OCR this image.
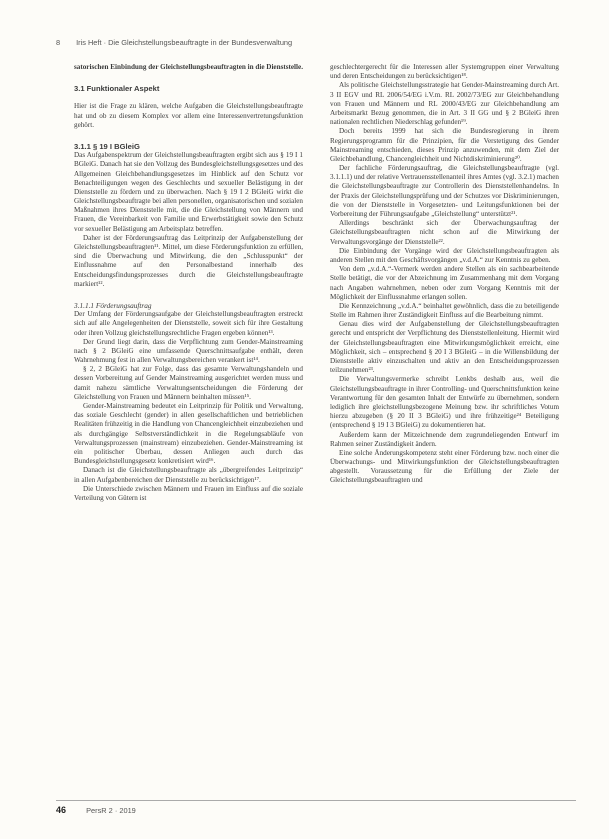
8 Iris Heft · Die Gleichstellungsbeauftragte in der Bundesverwaltung

satorischen Einbindung der Gleichstellungsbeauftragten in die Dienststelle.

3.1 Funktionaler Aspekt

Hier ist die Frage zu klären, welche Aufgaben die Gleichstellungsbeauftragte hat und ob zu diesem Komplex vor allem eine Interessenvertretungsfunktion gehört.

3.1.1 § 19 I BGleiG

Das Aufgabenspektrum der Gleichstellungsbeauftragten ergibt sich aus § 19 I 1 BGleiG. Danach hat sie den Vollzug des Bundesgleichstellungsgesetzes und des Allgemeinen Gleichbehandlungsgesetzes im Hinblick auf den Schutz vor Benachteiligungen wegen des Geschlechts und sexueller Belästigung in der Dienststelle zu fördern und zu überwachen. Nach § 19 I 2 BGleiG wirkt die Gleichstellungsbeauftragte bei allen personellen, organisatorischen und sozialen Maßnahmen ihres Dienststelle mit, die die Gleichstellung von Männern und Frauen, die Vereinbarkeit von Familie und Erwerbstätigkeit sowie den Schutz vor sexueller Belästigung am Arbeitsplatz betreffen.

Daher ist der Förderungsauftrag das Leitprinzip der Aufgabenstellung der Gleichstellungsbeauftragten¹¹. Mittel, um diese Förderungsfunktion zu erfüllen, sind die Überwachung und Mitwirkung, die den „Schlusspunkt“ der Einflussnahme auf den Personalbestand innerhalb des Entscheidungsfindungsprozesses durch die Gleichstellungsbeauftragte markiert¹².

3.1.1.1 Förderungsauftrag

Der Umfang der Förderungsaufgabe der Gleichstellungsbeauftragten erstreckt sich auf alle Angelegenheiten der Dienststelle, soweit sich für ihre Gestaltung oder ihren Vollzug gleichstellungsrechtliche Fragen ergeben können¹³.

Der Grund liegt darin, dass die Verpflichtung zum Gender-Mainstreaming nach § 2 BGleiG eine umfassende Querschnittsaufgabe enthält, deren Wahrnehmung fest in allen Verwaltungsbereichen verankert ist¹⁴.

§ 2, 2 BGleiG hat zur Folge, dass das gesamte Verwaltungshandeln und dessen Vorbereitung auf Gender Mainstreaming ausgerichtet werden muss und damit nahezu sämtliche Verwaltungsentscheidungen die Förderung der Gleichstellung von Frauen und Männern beinhalten müssen¹⁵.

Gender-Mainstreaming bedeutet ein Leitprinzip für Politik und Verwaltung, das soziale Geschlecht (gender) in allen gesellschaftlichen und betrieblichen Realitäten frühzeitig in die Handlung von Chancengleichheit einzubeziehen und als durchgängige Selbstverständlichkeit in die Regelungsabläufe von Verwaltungsprozessen (mainstream) einzubeziehen. Gender-Mainstreaming ist ein politischer Überbau, dessen Anliegen auch durch das Bundesgleichstellungsgesetz konkretisiert wird¹⁶.

Danach ist die Gleichstellungsbeauftragte als „übergreifendes Leitprinzip“ in allen Aufgabenbereichen der Dienststelle zu berücksichtigen¹⁷.

Die Unterschiede zwischen Männern und Frauen im Einfluss auf die soziale Verteilung von Gütern ist

geschlechtergerecht für die Interessen aller Systemgruppen einer Verwaltung und deren Entscheidungen zu berücksichtigen¹⁸.

Als politische Gleichstellungsstrategie hat Gender-Mainstreaming durch Art. 3 II EGV und RL 2006/54/EG i.V.m. RL 2002/73/EG zur Gleichbehandlung von Frauen und Männern und RL 2000/43/EG zur Gleichbehandlung am Arbeitsmarkt Bezug genommen, die in Art. 3 II GG und § 2 BGleiG ihren nationalen rechtlichen Niederschlag gefunden¹⁹.

Doch bereits 1999 hat sich die Bundesregierung in ihrem Regierungsprogramm für die Prinzipien, für die Verstetigung des Gender Mainstreaming entschieden, dieses Prinzip anzuwenden, mit dem Ziel der Gleichbehandlung, Chancengleichheit und Nichtdiskriminierung²⁰.

Der fachliche Förderungsauftrag, die Gleichstellungsbeauftragte (vgl. 3.1.1.1) und der relative Vertrauensstellenanteil ihres Amtes (vgl. 3.2.1) machen die Gleichstellungsbeauftragte zur Controllerin des Dienststellenhandelns. In der Praxis der Gleichstellungsprüfung und der Schutzes vor Diskriminierungen, die von der Dienststelle in Vorgesetzten- und Leitungsfunktionen bei der Vorbereitung der Führungsaufgabe „Gleichstellung“ unterstützt²¹.

Allerdings beschränkt sich der Überwachungsauftrag der Gleichstellungsbeauftragten nicht schon auf die Mitwirkung der Verwaltungsvorgänge der Dienststelle²².

Die Einbindung der Vorgänge wird der Gleichstellungsbeauftragten als anderen Stellen mit den Geschäftsvorgängen „v.d.A.“ zur Kenntnis zu geben.

Von dem „v.d.A.“-Vermerk werden andere Stellen als ein sachbearbeitende Stelle betätigt, die vor der Abzeichnung im Zusammenhang mit dem Vorgang nach Angaben wahrnehmen, neben oder zum Vorgang Kenntnis mit der Möglichkeit der Einflussnahme erlangen sollen.

Die Kennzeichnung „v.d.A.“ beinhaltet gewöhnlich, dass die zu beteiligende Stelle im Rahmen ihrer Zuständigkeit Einfluss auf die Bearbeitung nimmt.

Genau dies wird der Aufgabenstellung der Gleichstellungsbeauftragten gerecht und entspricht der Verpflichtung des Dienststellenleitung. Hiermit wird der Gleichstellungsbeauftragten eine Mitwirkungsmöglichkeit erreicht, eine Möglichkeit, sich – entsprechend § 20 I 3 BGleiG – in die Willensbildung der Dienststelle aktiv einzuschalten und aktiv an den Entscheidungsprozessen teilzunehmen²³.

Die Verwaltungsvermerke schreibt Lenkbs deshalb aus, weil die Gleichstellungsbeauftragte in ihrer Controlling- und Querschnittsfunktion keine Verantwortung für den gesamten Inhalt der Entwürfe zu übernehmen, sondern lediglich ihre gleichstellungsbezogene Meinung bzw. ihr schriftliches Votum hierzu abzugeben (§ 20 II 3 BGleiG) und ihre frühzeitige²⁴ Beteiligung (entsprechend § 19 I 3 BGleiG) zu dokumentieren hat.

Außerdem kann der Mitzeichnende dem zugrundeliegenden Entwurf im Rahmen seiner Zuständigkeit ändern.

Eine solche Änderungskompetenz steht einer Förderung bzw. noch einer die Überwachungs- und Mitwirkungsfunktion der Gleichstellungsbeauftragten abgestellt. Voraussetzung für die Erfüllung der Ziele der Gleichstellungsbeauftragten und

46	PersR 2 · 2019
